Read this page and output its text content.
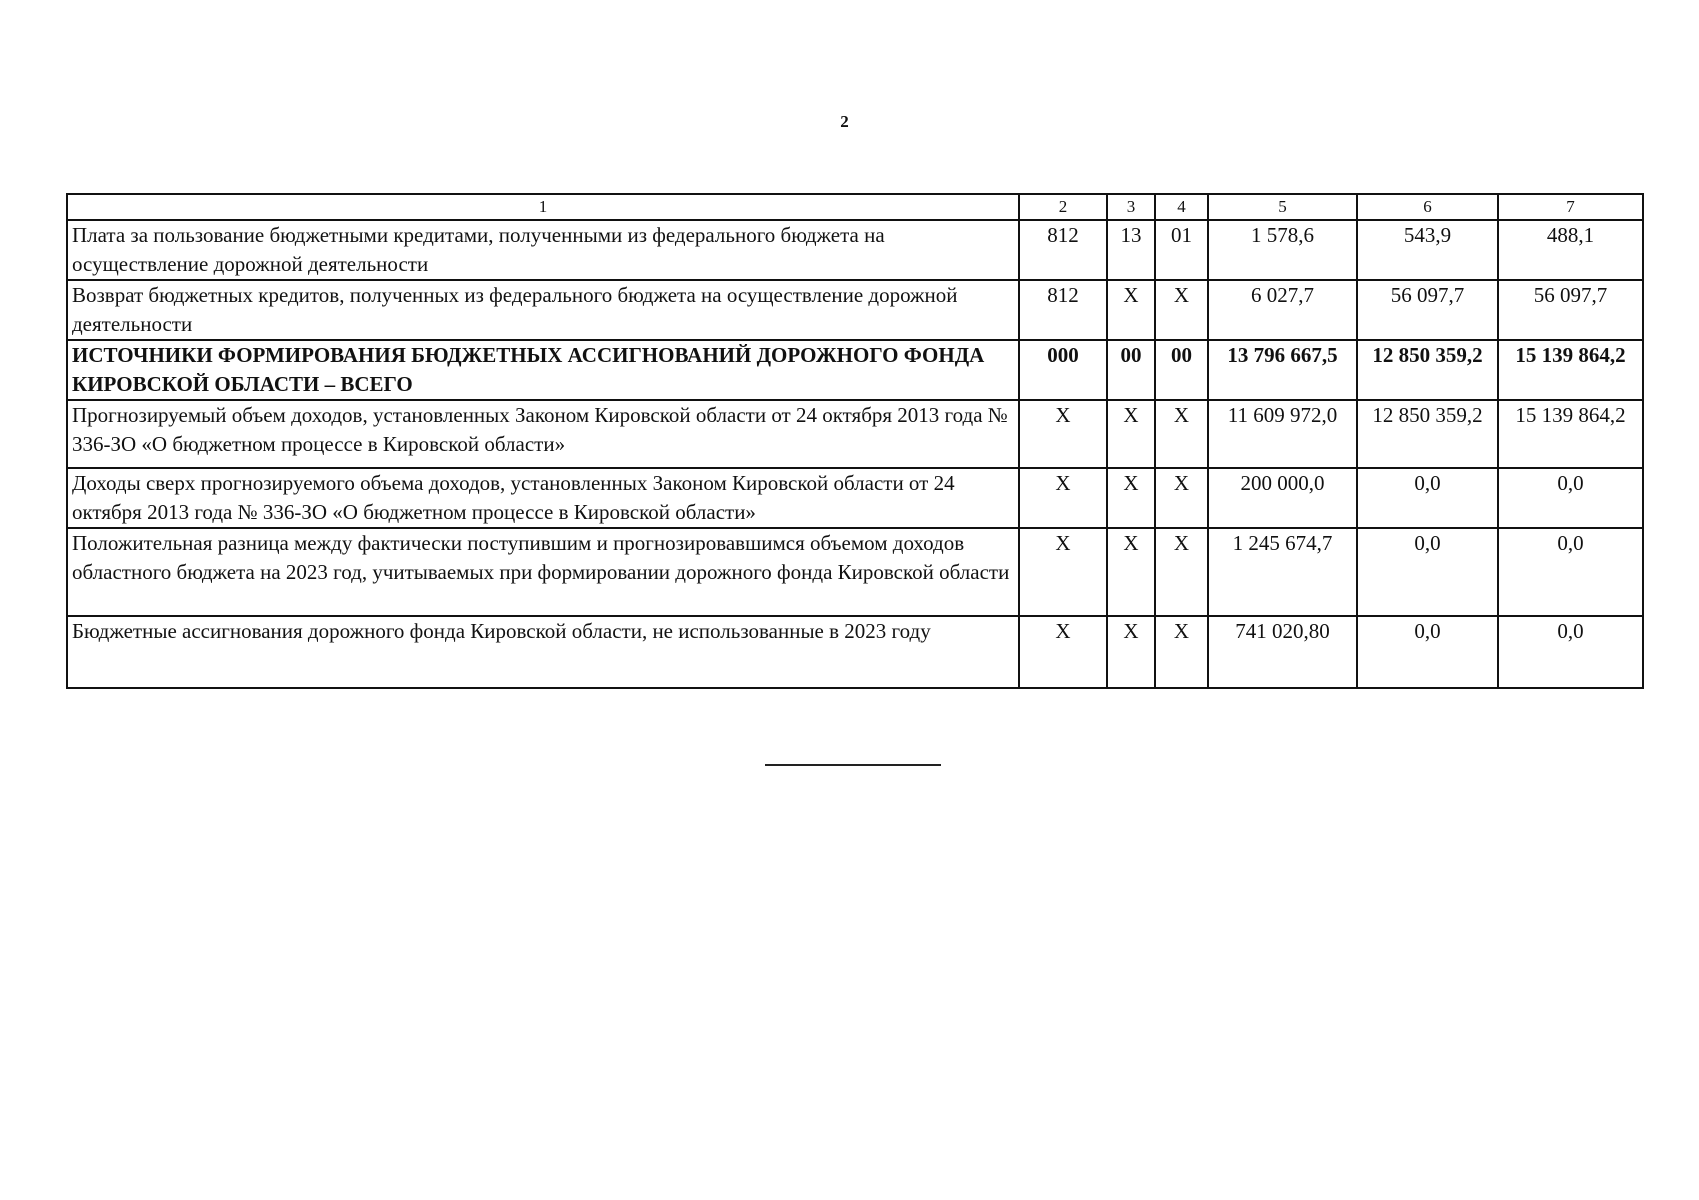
2
1	2	3	4	5	6	7
Плата за пользование бюджетными кредитами, полученными из федерального бюджета на осуществление дорожной деятельности	812	13	01	1 578,6	543,9	488,1
Возврат бюджетных кредитов, полученных из федерального бюджета на осуществление дорожной деятельности	812	Х	Х	6 027,7	56 097,7	56 097,7
ИСТОЧНИКИ ФОРМИРОВАНИЯ БЮДЖЕТНЫХ АССИГНОВАНИЙ ДОРОЖНОГО ФОНДА КИРОВСКОЙ ОБЛАСТИ – ВСЕГО	000	00	00	13 796 667,5	12 850 359,2	15 139 864,2
Прогнозируемый объем доходов, установленных Законом Кировской области от 24 октября 2013 года № 336-ЗО «О бюджетном процессе в Кировской области»	Х	Х	Х	11 609 972,0	12 850 359,2	15 139 864,2
Доходы сверх прогнозируемого объема доходов, установленных Законом Кировской области от 24 октября 2013 года № 336-ЗО «О бюджетном процессе в Кировской области»	Х	Х	Х	200 000,0	0,0	0,0
Положительная разница между фактически поступившим и прогнозировавшимся объемом доходов областного бюджета на 2023 год, учитываемых при формировании дорожного фонда Кировской области	Х	Х	Х	1 245 674,7	0,0	0,0
Бюджетные ассигнования дорожного фонда Кировской области, не использованные в 2023 году	Х	Х	Х	741 020,80	0,0	0,0
